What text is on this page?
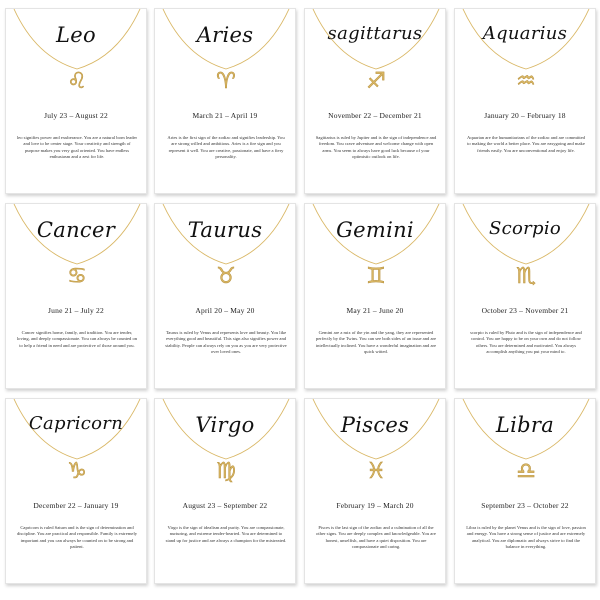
Leo
♌
July 23 – August 22
leo signifies power and exuberance. You are a natural born leader and love to be center stage. Your creativity and strength of purpose makes you very goal oriented. You have endless enthusiasm and a zest for life.
Aries
♈
March 21 – April 19
Aries is the first sign of the zodiac and signifies leadership. You are strong willed and ambitious. Aries is a fire sign and you represent it well. You are creative, passionate, and have a fiery personality.
sagittarus
♐
November 22 – December 21
Sagittarius is ruled by Jupiter and is the sign of independence and freedom. You crave adventure and welcome change with open arms. You seem to always have good luck because of your optimistic outlook on life.
Aquarius
♒
January 20 – February 18
Aquarian are the humanitarians of the zodiac and are committed to making the world a better place. You are easygoing and make friends easily. You are unconventional and enjoy life.
Cancer
♋
June 21 – July 22
Cancer signifies home, family, and tradition. You are tender, loving, and deeply compassionate. You can always be counted on to help a friend in need and are protective of those around you.
Taurus
♉
April 20 – May 20
Taurus is ruled by Venus and represents love and beauty. You like everything good and beautiful. This sign also signifies power and stability. People can always rely on you as you are very protective over loved ones.
Gemini
♊
May 21 – June 20
Gemini are a mix of the yin and the yang, they are represented perfectly by the Twins. You can see both sides of an issue and are intellectually inclined. You have a wonderful imagination and are quick witted.
Scorpio
♏
October 23 – November 21
scorpio is ruled by Pluto and is the sign of independence and control. You are happy to be on your own and do not follow others. You are determined and motivated. You always accomplish anything you put your mind to.
Capricorn
♑
December 22 – January 19
Capricorn is ruled Saturn and is the sign of determination and discipline. You are practical and responsible. Family is extremely important and you can always be counted on to be strong and patient.
Virgo
♍
August 23 – September 22
Virgo is the sign of idealism and purity. You are compassionate, nurturing, and extreme tender-hearted. You are determined to stand up for justice and are always a champion for the mistreated.
Pisces
♓
February 19 – March 20
Pisces is the last sign of the zodiac and a culmination of all the other signs. You are deeply complex and knowledgeable. You are honest, unselfish, and have a quiet disposition. You are compassionate and caring.
Libra
♎
September 23 – October 22
Libra is ruled by the planet Venus and is the sign of love, passion and energy. You have a strong sense of justice and are extremely analytical. You are diplomatic and always strive to find the balance in everything.
